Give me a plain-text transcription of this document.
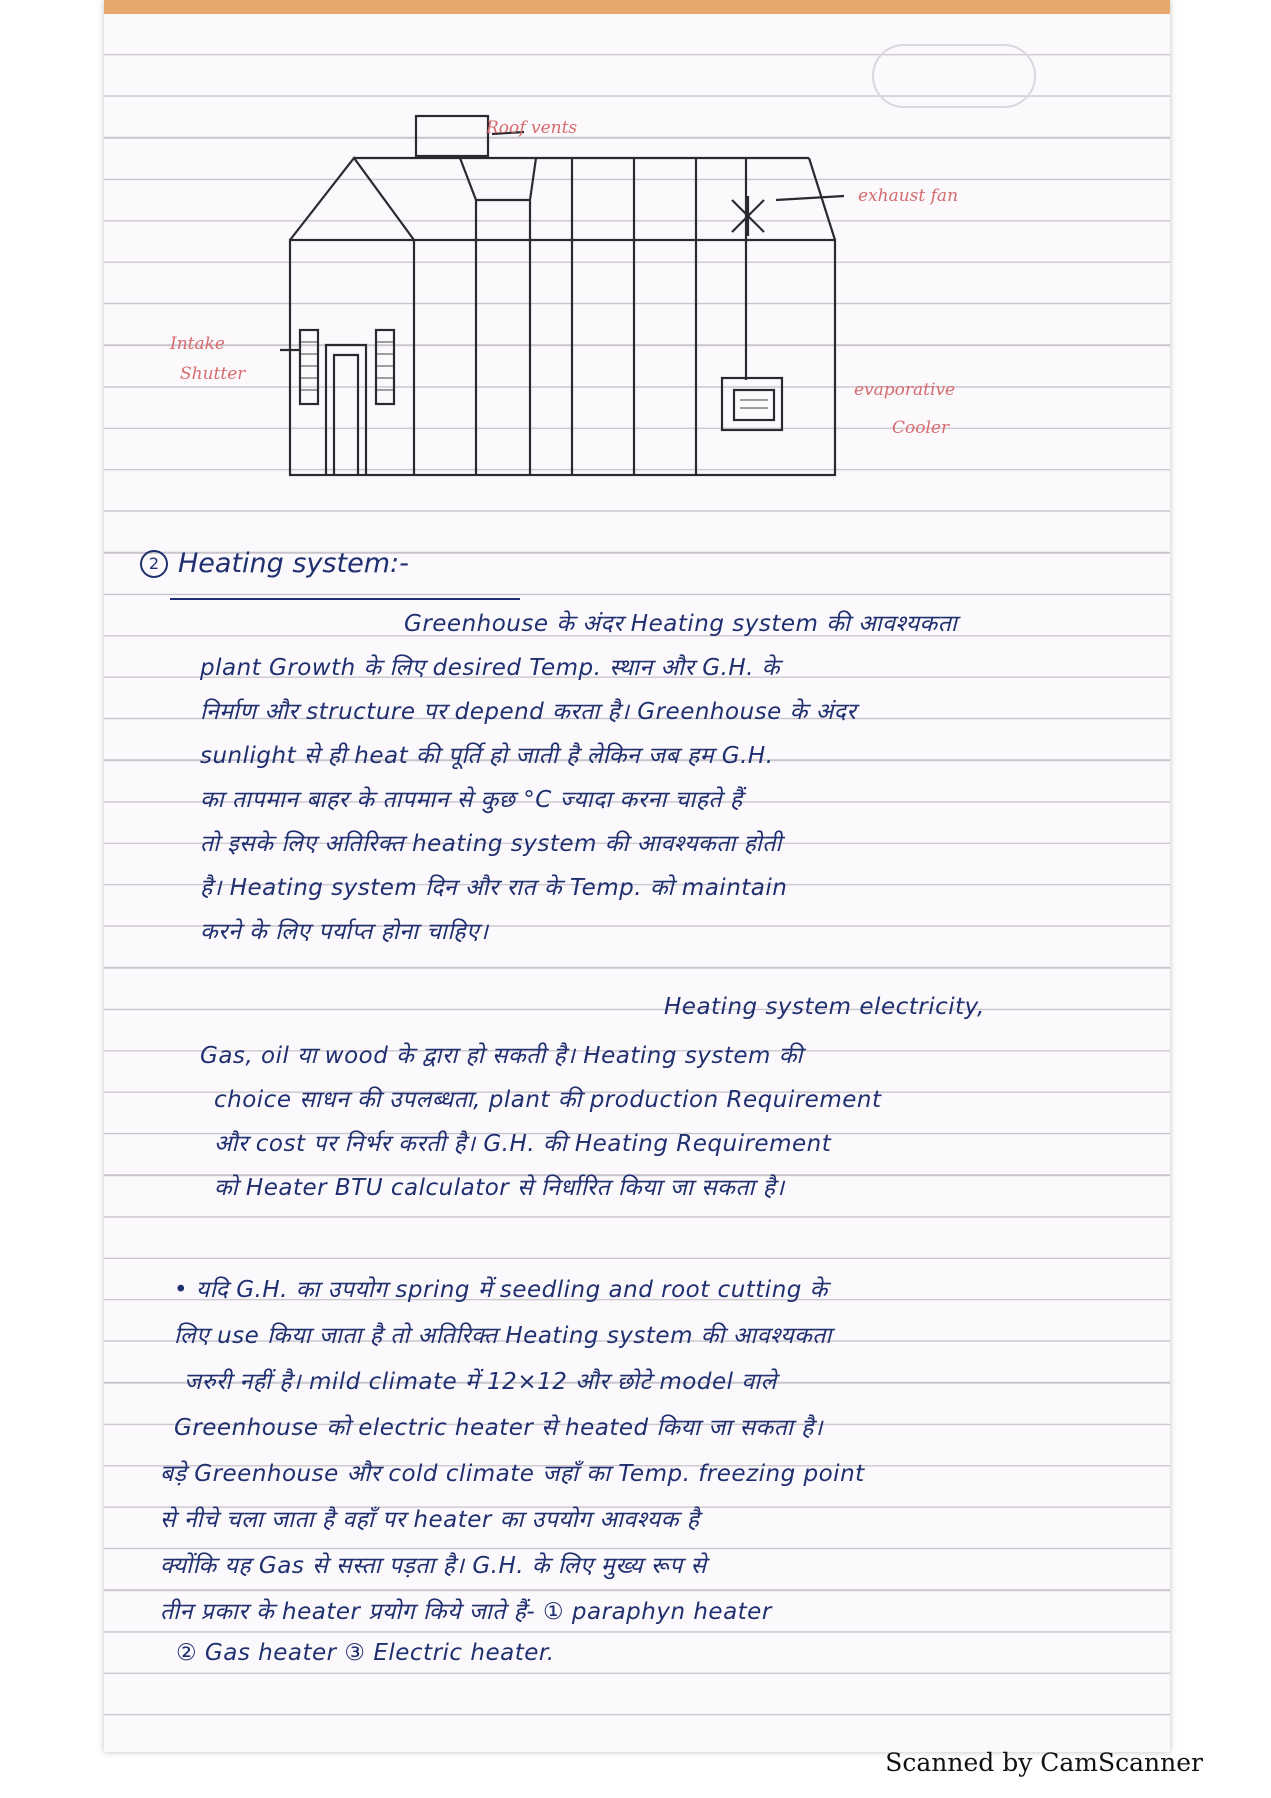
Roof vents
exhaust fan
Intake
Shutter
evaporative
Cooler
2 Heating system:-
Greenhouse के अंदर Heating system की आवश्यकता
plant Growth के लिए desired Temp. स्थान और G.H. के
निर्माण और structure पर depend करता है। Greenhouse के अंदर
sunlight से ही heat की पूर्ति हो जाती है लेकिन जब हम G.H.
का तापमान बाहर के तापमान से कुछ °C ज्यादा करना चाहते हैं
तो इसके लिए अतिरिक्त heating system की आवश्यकता होती
है। Heating system दिन और रात के Temp. को maintain
करने के लिए पर्याप्त होना चाहिए।
Heating system electricity,
Gas, oil या wood के द्वारा हो सकती है। Heating system की
choice साधन की उपलब्धता, plant की production Requirement
और cost पर निर्भर करती है। G.H. की Heating Requirement
को Heater BTU calculator से निर्धारित किया जा सकता है।
• यदि G.H. का उपयोग spring में seedling and root cutting के
लिए use किया जाता है तो अतिरिक्त Heating system की आवश्यकता
जरुरी नहीं है। mild climate में 12×12 और छोटे model वाले
Greenhouse को electric heater से heated किया जा सकता है।
बड़े Greenhouse और cold climate जहाँ का Temp. freezing point
से नीचे चला जाता है वहाँ पर heater का उपयोग आवश्यक है
क्योंकि यह Gas से सस्ता पड़ता है। G.H. के लिए मुख्य रूप से
तीन प्रकार के heater प्रयोग किये जाते हैं- ① paraphyn heater
② Gas heater ③ Electric heater.
Scanned by CamScanner
